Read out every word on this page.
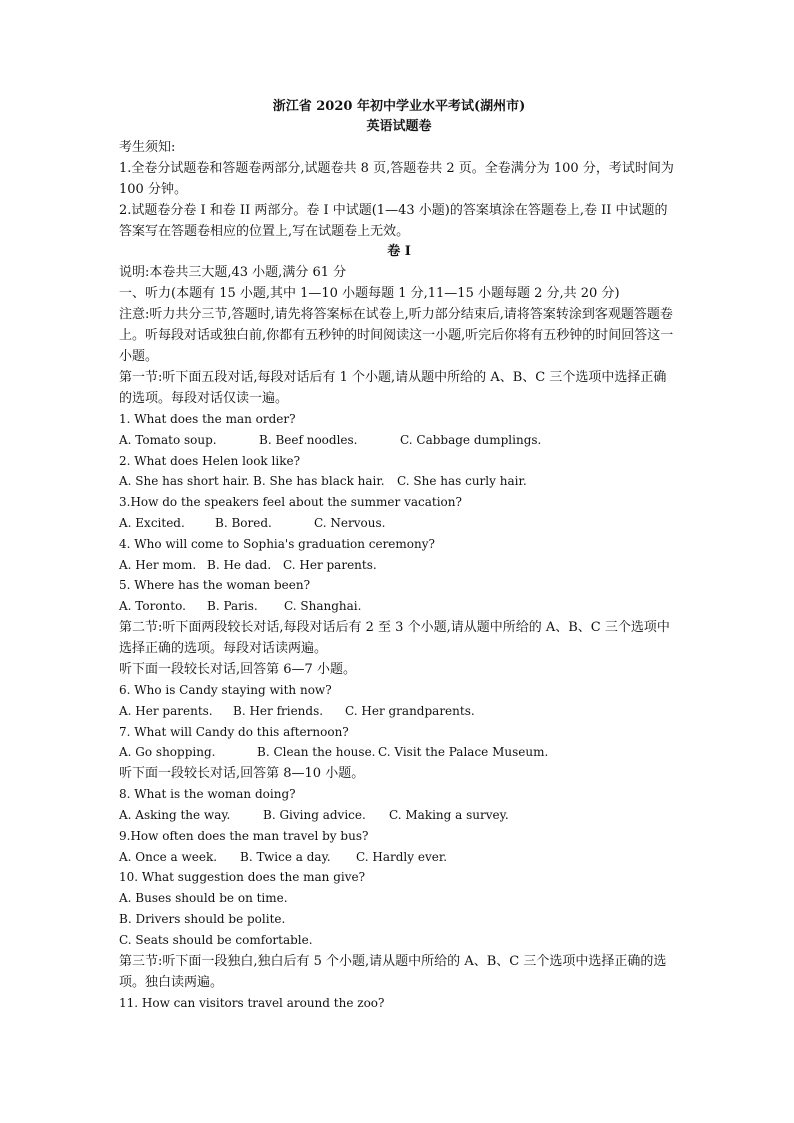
浙江省 2020 年初中学业水平考试(湖州市)

英语试题卷

考生须知:

1.全卷分试题卷和答题卷两部分,试题卷共 8 页,答题卷共 2 页。全卷满分为 100 分，考试时间为 100 分钟。

2.试题卷分卷 I 和卷 II 两部分。卷 I 中试题(1—43 小题)的答案填涂在答题卷上,卷 II 中试题的答案写在答题卷相应的位置上,写在试题卷上无效。

卷 I

说明:本卷共三大题,43 小题,满分 61 分

一、听力(本题有 15 小题,其中 1—10 小题每题 1 分,11—15 小题每题 2 分,共 20 分)

注意:听力共分三节,答题时,请先将答案标在试卷上,听力部分结束后,请将答案转涂到客观题答题卷上。听每段对话或独白前,你都有五秒钟的时间阅读这一小题,听完后你将有五秒钟的时间回答这一小题。

第一节:听下面五段对话,每段对话后有 1 个小题,请从题中所给的 A、B、C 三个选项中选择正确的选项。每段对话仅读一遍。

1. What does the man order?

A. Tomato soup.	B. Beef noodles.	C. Cabbage dumplings.

2. What does Helen look like?

A. She has short hair. B. She has black hair. C. She has curly hair.

3.How do the speakers feel about the summer vacation?

A. Excited.	B. Bored.	C. Nervous.

4. Who will come to Sophia's graduation ceremony?

A. Her mom. B. He dad. C. Her parents.

5. Where has the woman been?

A. Toronto. B. Paris. C. Shanghai.

第二节:听下面两段较长对话,每段对话后有 2 至 3 个小题,请从题中所给的 A、B、C 三个选项中选择正确的选项。每段对话读两遍。

听下面一段较长对话,回答第 6—7 小题。

6. Who is Candy staying with now?

A. Her parents. B. Her friends. C. Her grandparents.

7. What will Candy do this afternoon?

A. Go shopping.	B. Clean the house. C. Visit the Palace Museum.

听下面一段较长对话,回答第 8—10 小题。

8. What is the woman doing?

A. Asking the way.	B. Giving advice. C. Making a survey.

9.How often does the man travel by bus?

A. Once a week. B. Twice a day. C. Hardly ever.

10. What suggestion does the man give?

A. Buses should be on time.

B. Drivers should be polite.

C. Seats should be comfortable.

第三节:听下面一段独白,独白后有 5 个小题,请从题中所给的 A、B、C 三个选项中选择正确的选项。独白读两遍。

11. How can visitors travel around the zoo?
